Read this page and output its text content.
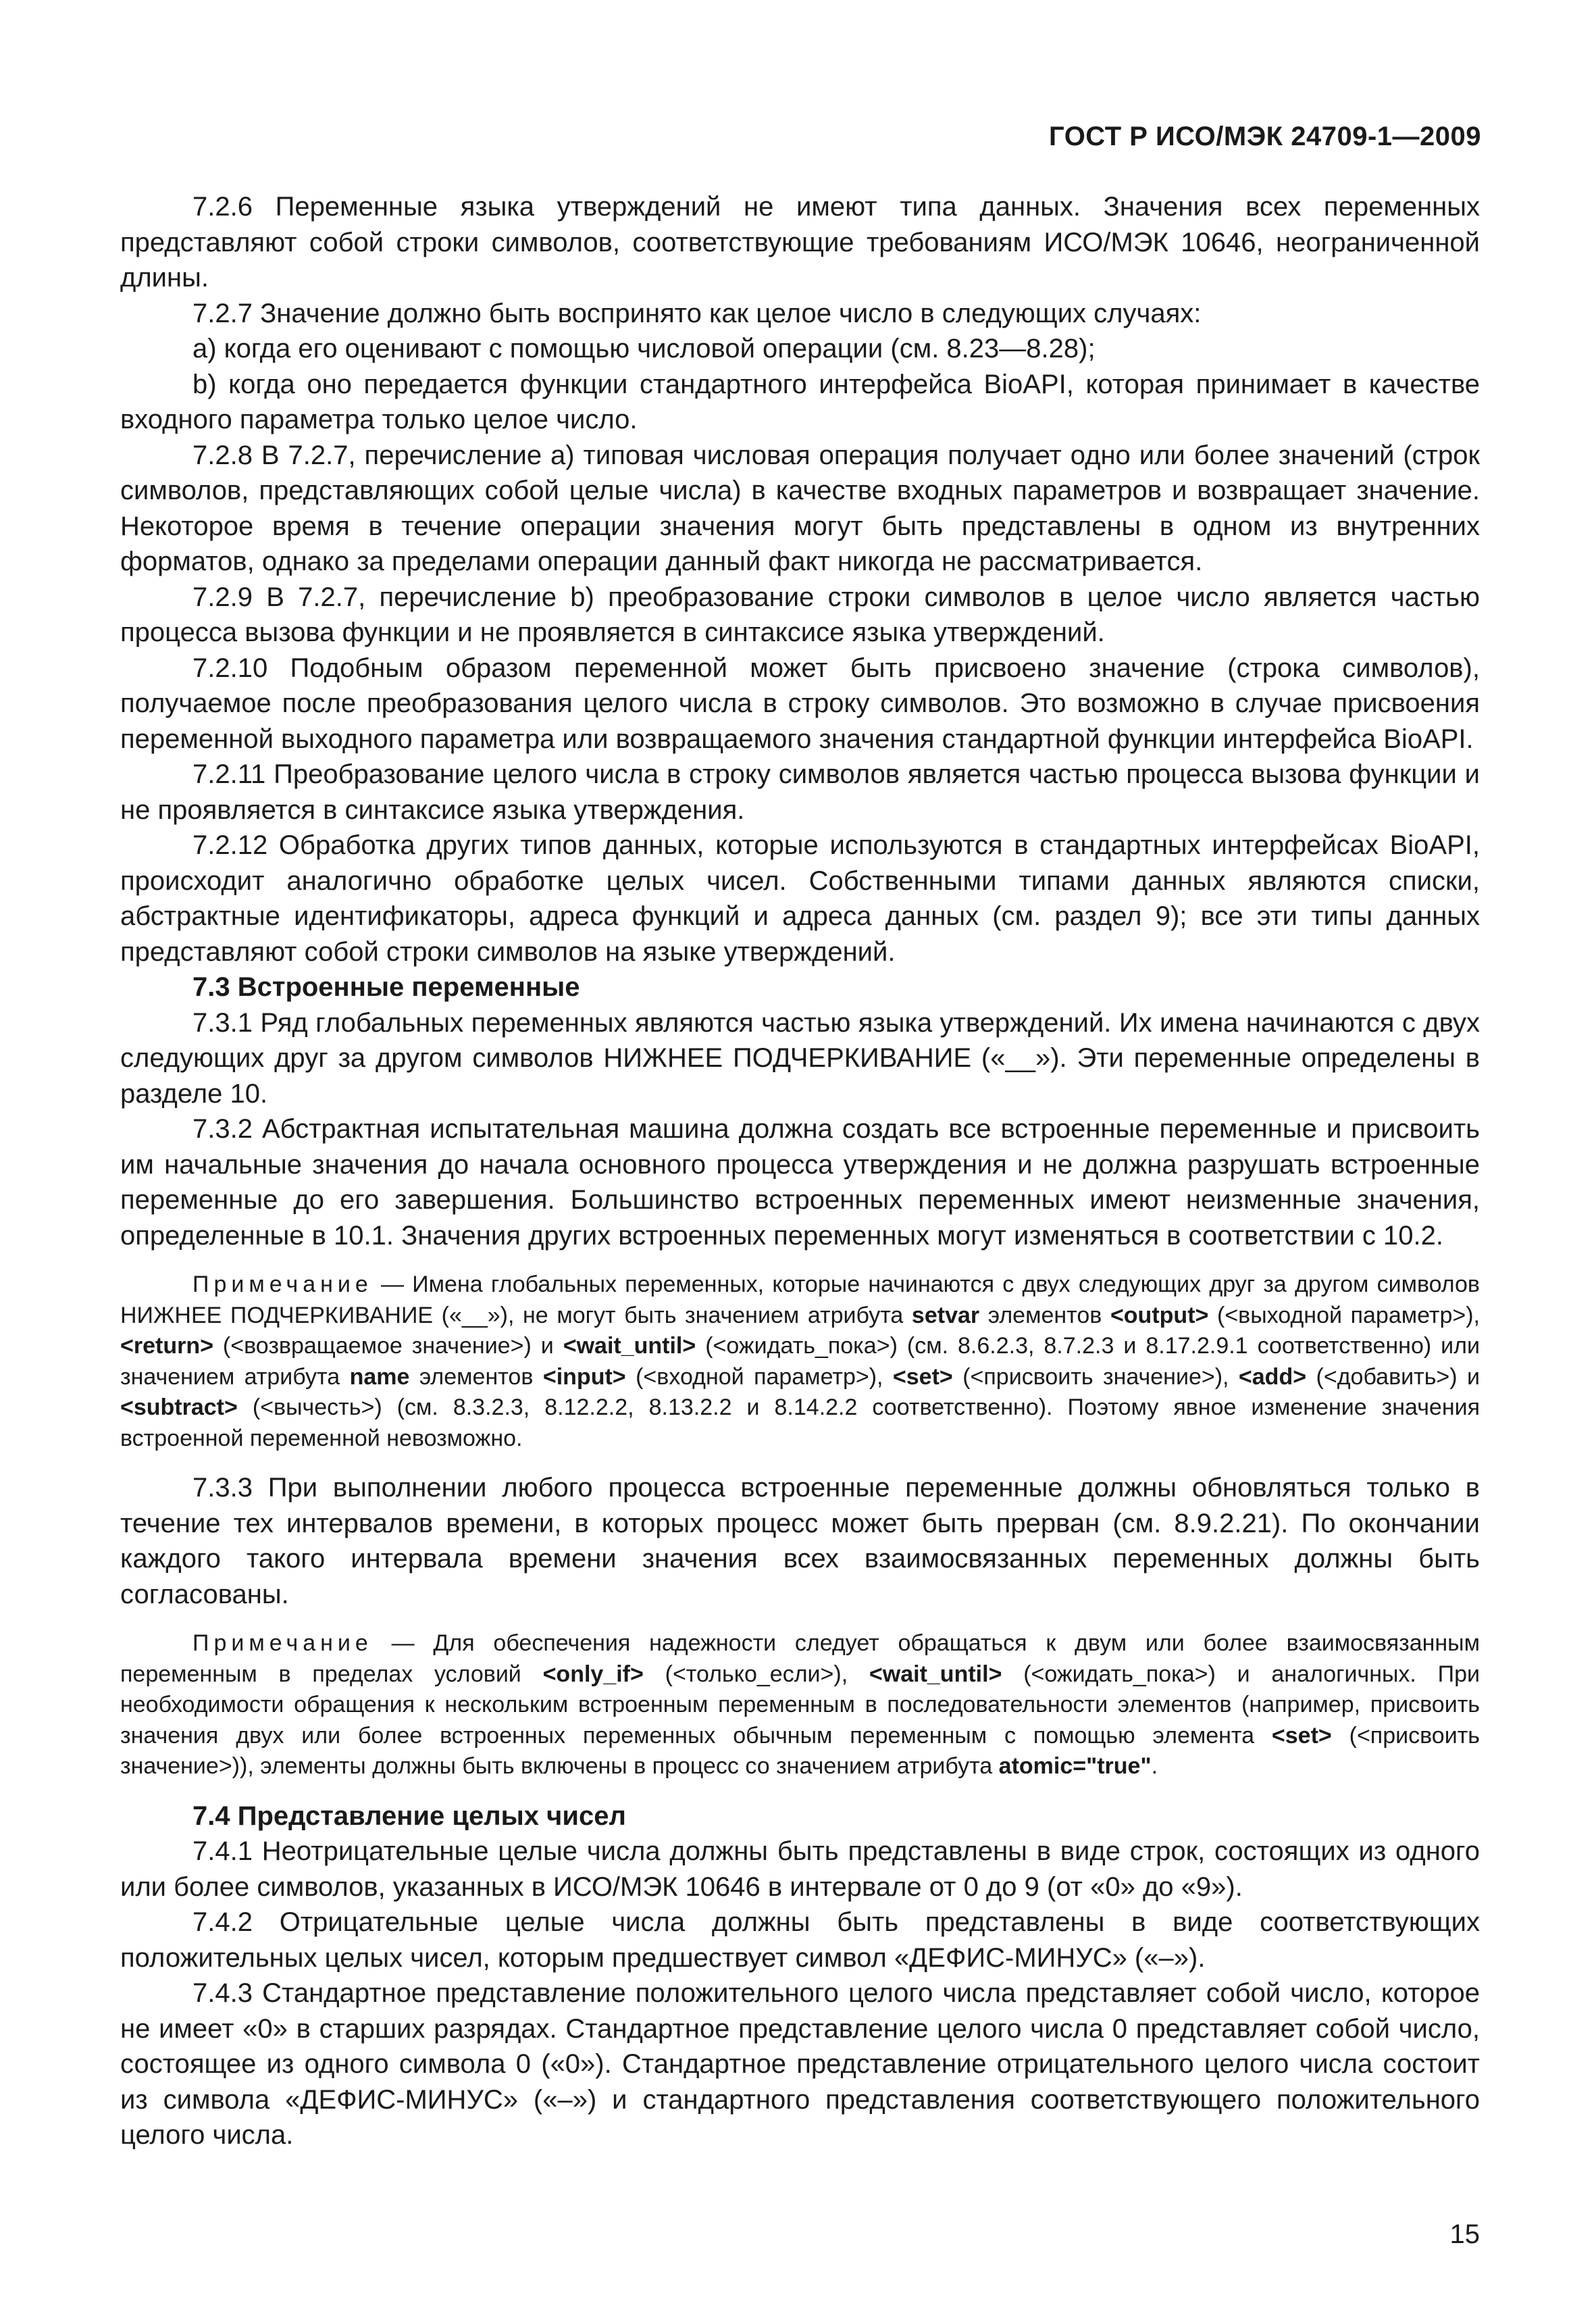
ГОСТ Р ИСО/МЭК 24709-1—2009

7.2.6 Переменные языка утверждений не имеют типа данных. Значения всех переменных представляют собой строки символов, соответствующие требованиям ИСО/МЭК 10646, неограниченной длины.

7.2.7 Значение должно быть воспринято как целое число в следующих случаях:

a) когда его оценивают с помощью числовой операции (см. 8.23—8.28);

b) когда оно передается функции стандартного интерфейса BioAPI, которая принимает в качестве входного параметра только целое число.

7.2.8 В 7.2.7, перечисление а) типовая числовая операция получает одно или более значений (строк символов, представляющих собой целые числа) в качестве входных параметров и возвращает значение. Некоторое время в течение операции значения могут быть представлены в одном из внутренних форматов, однако за пределами операции данный факт никогда не рассматривается.

7.2.9 В 7.2.7, перечисление b) преобразование строки символов в целое число является частью процесса вызова функции и не проявляется в синтаксисе языка утверждений.

7.2.10 Подобным образом переменной может быть присвоено значение (строка символов), получаемое после преобразования целого числа в строку символов. Это возможно в случае присвоения переменной выходного параметра или возвращаемого значения стандартной функции интерфейса BioAPI.

7.2.11 Преобразование целого числа в строку символов является частью процесса вызова функции и не проявляется в синтаксисе языка утверждения.

7.2.12 Обработка других типов данных, которые используются в стандартных интерфейсах BioAPI, происходит аналогично обработке целых чисел. Собственными типами данных являются списки, абстрактные идентификаторы, адреса функций и адреса данных (см. раздел 9); все эти типы данных представляют собой строки символов на языке утверждений.

7.3 Встроенные переменные

7.3.1 Ряд глобальных переменных являются частью языка утверждений. Их имена начинаются с двух следующих друг за другом символов НИЖНЕЕ ПОДЧЕРКИВАНИЕ («__»). Эти переменные определены в разделе 10.

7.3.2 Абстрактная испытательная машина должна создать все встроенные переменные и присвоить им начальные значения до начала основного процесса утверждения и не должна разрушать встроенные переменные до его завершения. Большинство встроенных переменных имеют неизменные значения, определенные в 10.1. Значения других встроенных переменных могут изменяться в соответствии с 10.2.

Примечание — Имена глобальных переменных, которые начинаются с двух следующих друг за другом символов НИЖНЕЕ ПОДЧЕРКИВАНИЕ («__»), не могут быть значением атрибута setvar элементов <output> (<выходной параметр>), <return> (<возвращаемое значение>) и <wait_until> (<ожидать_пока>) (см. 8.6.2.3, 8.7.2.3 и 8.17.2.9.1 соответственно) или значением атрибута name элементов <input> (<входной параметр>), <set> (<присвоить значение>), <add> (<добавить>) и <subtract> (<вычесть>) (см. 8.3.2.3, 8.12.2.2, 8.13.2.2 и 8.14.2.2 соответственно). Поэтому явное изменение значения встроенной переменной невозможно.

7.3.3 При выполнении любого процесса встроенные переменные должны обновляться только в течение тех интервалов времени, в которых процесс может быть прерван (см. 8.9.2.21). По окончании каждого такого интервала времени значения всех взаимосвязанных переменных должны быть согласованы.

Примечание — Для обеспечения надежности следует обращаться к двум или более взаимосвязанным переменным в пределах условий <only_if> (<только_если>), <wait_until> (<ожидать_пока>) и аналогичных. При необходимости обращения к нескольким встроенным переменным в последовательности элементов (например, присвоить значения двух или более встроенных переменных обычным переменным с помощью элемента <set> (<присвоить значение>)), элементы должны быть включены в процесс со значением атрибута atomic="true".

7.4 Представление целых чисел

7.4.1 Неотрицательные целые числа должны быть представлены в виде строк, состоящих из одного или более символов, указанных в ИСО/МЭК 10646 в интервале от 0 до 9 (от «0» до «9»).

7.4.2 Отрицательные целые числа должны быть представлены в виде соответствующих положительных целых чисел, которым предшествует символ «ДЕФИС-МИНУС» («–»).

7.4.3 Стандартное представление положительного целого числа представляет собой число, которое не имеет «0» в старших разрядах. Стандартное представление целого числа 0 представляет собой число, состоящее из одного символа 0 («0»). Стандартное представление отрицательного целого числа состоит из символа «ДЕФИС-МИНУС» («–») и стандартного представления соответствующего положительного целого числа.

15
